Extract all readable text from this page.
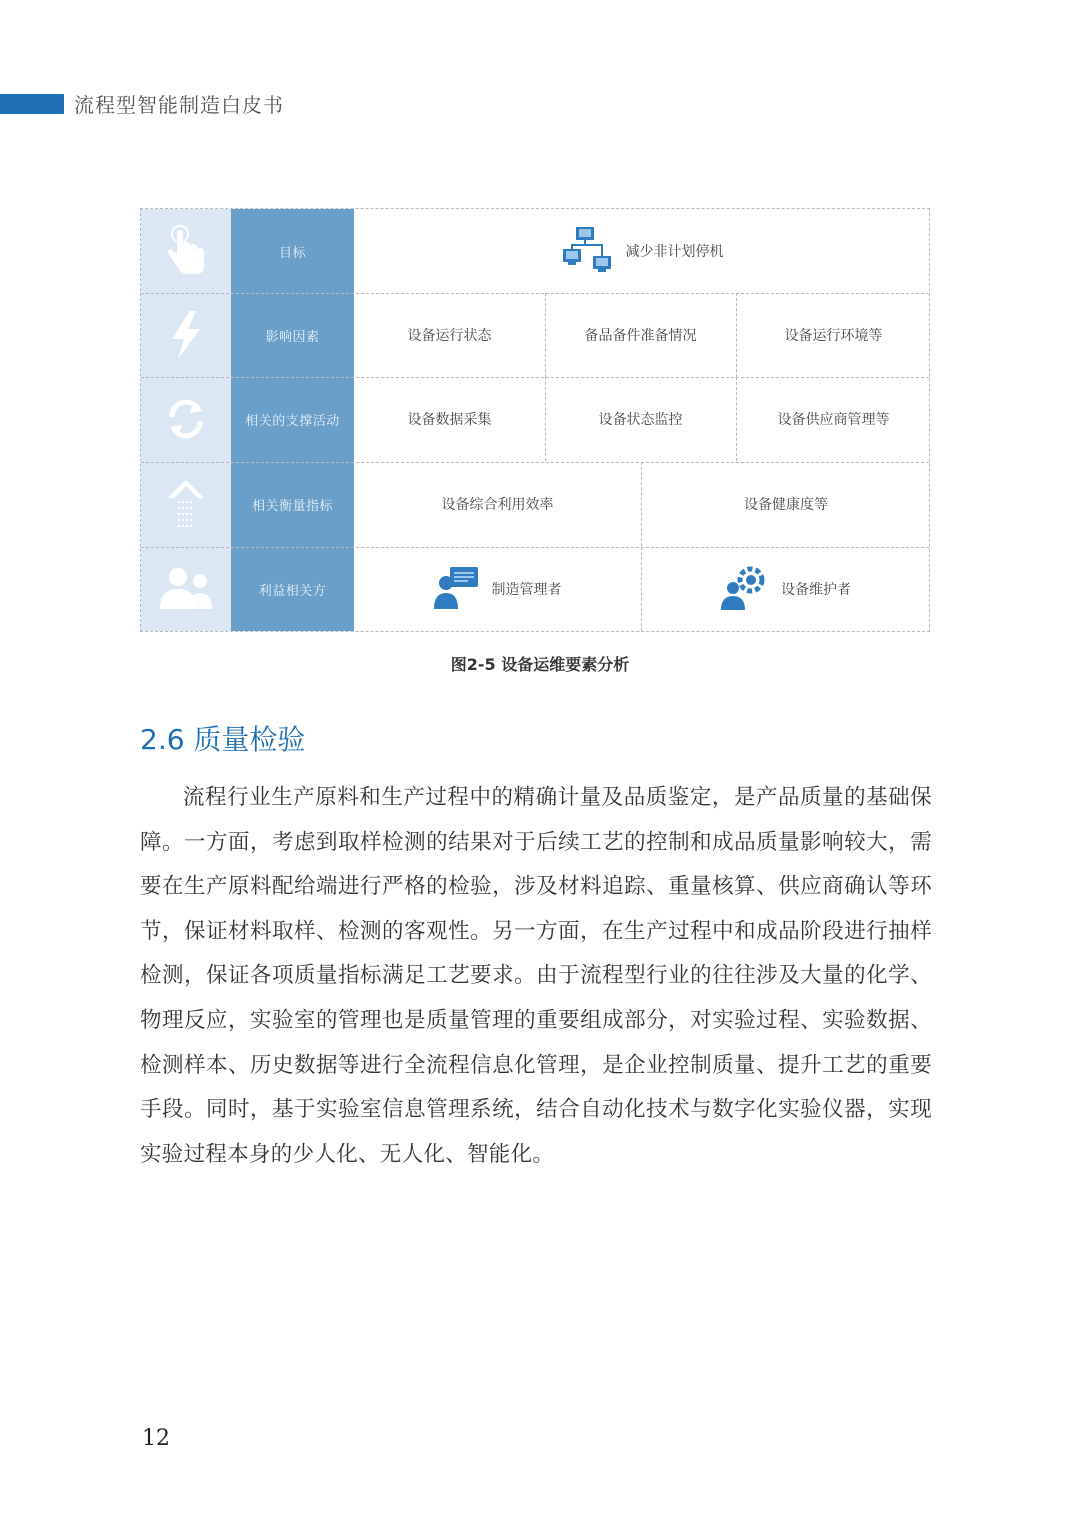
流程型智能制造白皮书
目标	减少非计划停机
影响因素	设备运行状态	备品备件准备情况	设备运行环境等
相关的支撑活动	设备数据采集	设备状态监控	设备供应商管理等
相关衡量指标	设备综合利用效率	设备健康度等
利益相关方	制造管理者	设备维护者
图2-5 设备运维要素分析
2.6 质量检验
流程行业生产原料和生产过程中的精确计量及品质鉴定，是产品质量的基础保障。一方面，考虑到取样检测的结果对于后续工艺的控制和成品质量影响较大，需要在生产原料配给端进行严格的检验，涉及材料追踪、重量核算、供应商确认等环节，保证材料取样、检测的客观性。另一方面，在生产过程中和成品阶段进行抽样检测，保证各项质量指标满足工艺要求。由于流程型行业的往往涉及大量的化学、物理反应，实验室的管理也是质量管理的重要组成部分，对实验过程、实验数据、检测样本、历史数据等进行全流程信息化管理，是企业控制质量、提升工艺的重要手段。同时，基于实验室信息管理系统，结合自动化技术与数字化实验仪器，实现实验过程本身的少人化、无人化、智能化。
12
